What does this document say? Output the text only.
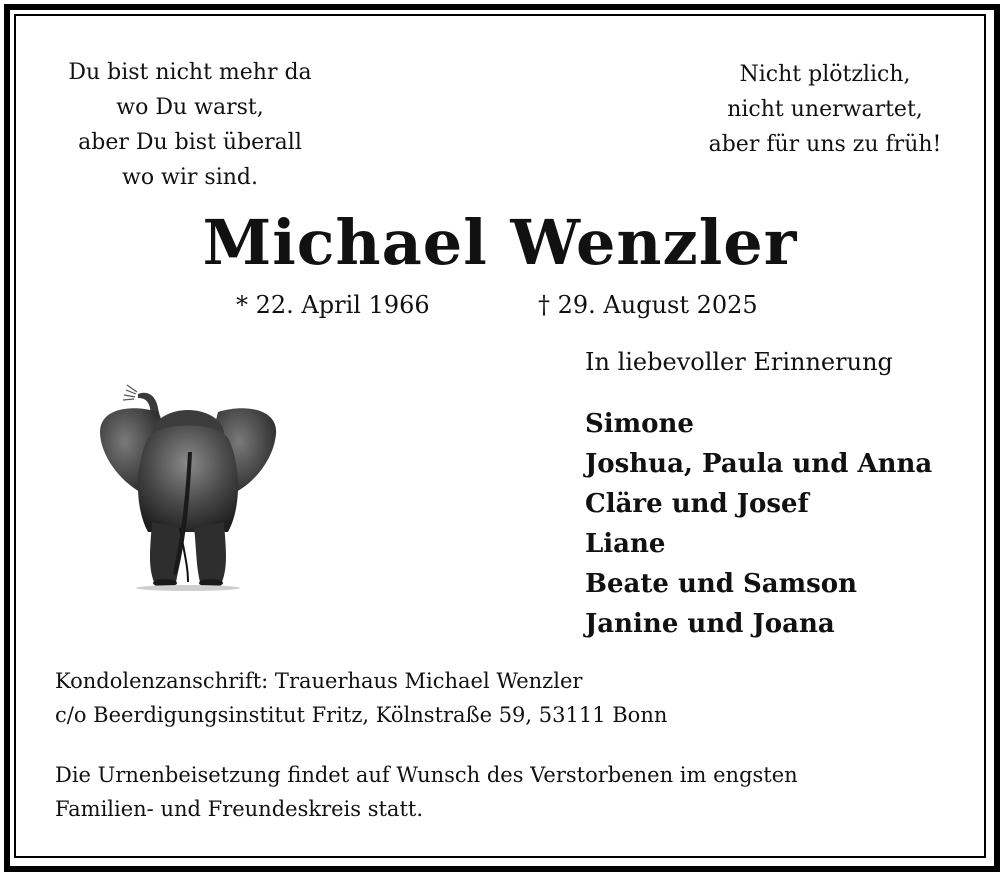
Du bist nicht mehr da
wo Du warst,
aber Du bist überall
wo wir sind.

Nicht plötzlich,
nicht unerwartet,
aber für uns zu früh!

Michael Wenzler
* 22. April 1966	† 29. August 2025
In liebevoller Erinnerung
Simone
Joshua, Paula und Anna
Cläre und Josef
Liane
Beate und Samson
Janine und Joana

Kondolenzanschrift: Trauerhaus Michael Wenzler
c/o Beerdigungsinstitut Fritz, Kölnstraße 59, 53111 Bonn

Die Urnenbeisetzung findet auf Wunsch des Verstorbenen im engsten
Familien- und Freundeskreis statt.
